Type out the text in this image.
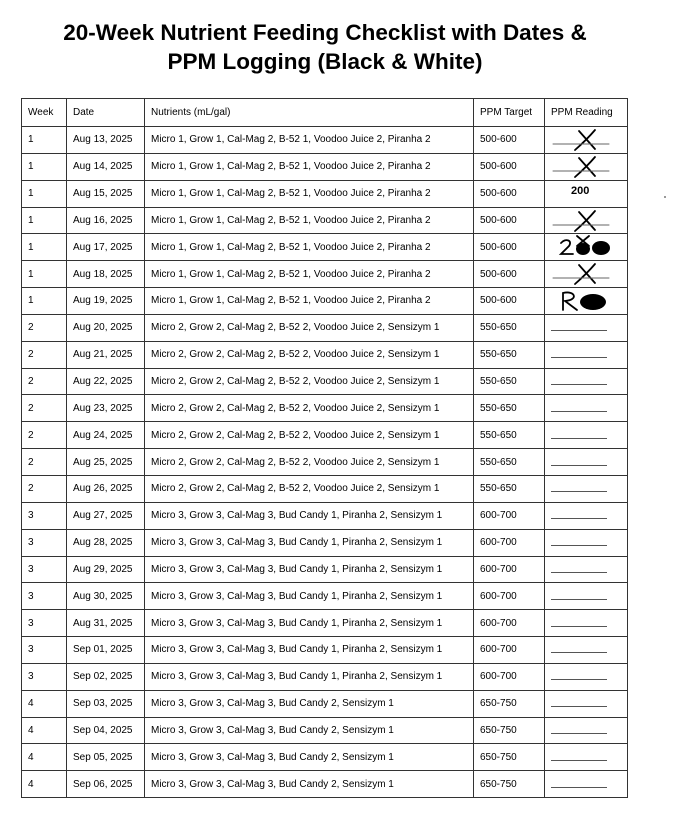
20-Week Nutrient Feeding Checklist with Dates &
PPM Logging (Black & White)
Week	Date	Nutrients (mL/gal)	PPM Target	PPM Reading
1	Aug 13, 2025	Micro 1, Grow 1, Cal-Mag 2, B-52 1, Voodoo Juice 2, Piranha 2	500-600	

1	Aug 14, 2025	Micro 1, Grow 1, Cal-Mag 2, B-52 1, Voodoo Juice 2, Piranha 2	500-600	

1	Aug 15, 2025	Micro 1, Grow 1, Cal-Mag 2, B-52 1, Voodoo Juice 2, Piranha 2	500-600	200

1	Aug 16, 2025	Micro 1, Grow 1, Cal-Mag 2, B-52 1, Voodoo Juice 2, Piranha 2	500-600	

1	Aug 17, 2025	Micro 1, Grow 1, Cal-Mag 2, B-52 1, Voodoo Juice 2, Piranha 2	500-600	

1	Aug 18, 2025	Micro 1, Grow 1, Cal-Mag 2, B-52 1, Voodoo Juice 2, Piranha 2	500-600	

1	Aug 19, 2025	Micro 1, Grow 1, Cal-Mag 2, B-52 1, Voodoo Juice 2, Piranha 2	500-600	

2	Aug 20, 2025	Micro 2, Grow 2, Cal-Mag 2, B-52 2, Voodoo Juice 2, Sensizym 1	550-650	
2	Aug 21, 2025	Micro 2, Grow 2, Cal-Mag 2, B-52 2, Voodoo Juice 2, Sensizym 1	550-650	
2	Aug 22, 2025	Micro 2, Grow 2, Cal-Mag 2, B-52 2, Voodoo Juice 2, Sensizym 1	550-650	
2	Aug 23, 2025	Micro 2, Grow 2, Cal-Mag 2, B-52 2, Voodoo Juice 2, Sensizym 1	550-650	
2	Aug 24, 2025	Micro 2, Grow 2, Cal-Mag 2, B-52 2, Voodoo Juice 2, Sensizym 1	550-650	
2	Aug 25, 2025	Micro 2, Grow 2, Cal-Mag 2, B-52 2, Voodoo Juice 2, Sensizym 1	550-650	
2	Aug 26, 2025	Micro 2, Grow 2, Cal-Mag 2, B-52 2, Voodoo Juice 2, Sensizym 1	550-650	
3	Aug 27, 2025	Micro 3, Grow 3, Cal-Mag 3, Bud Candy 1, Piranha 2, Sensizym 1	600-700	
3	Aug 28, 2025	Micro 3, Grow 3, Cal-Mag 3, Bud Candy 1, Piranha 2, Sensizym 1	600-700	
3	Aug 29, 2025	Micro 3, Grow 3, Cal-Mag 3, Bud Candy 1, Piranha 2, Sensizym 1	600-700	
3	Aug 30, 2025	Micro 3, Grow 3, Cal-Mag 3, Bud Candy 1, Piranha 2, Sensizym 1	600-700	
3	Aug 31, 2025	Micro 3, Grow 3, Cal-Mag 3, Bud Candy 1, Piranha 2, Sensizym 1	600-700	
3	Sep 01, 2025	Micro 3, Grow 3, Cal-Mag 3, Bud Candy 1, Piranha 2, Sensizym 1	600-700	
3	Sep 02, 2025	Micro 3, Grow 3, Cal-Mag 3, Bud Candy 1, Piranha 2, Sensizym 1	600-700	
4	Sep 03, 2025	Micro 3, Grow 3, Cal-Mag 3, Bud Candy 2, Sensizym 1	650-750	
4	Sep 04, 2025	Micro 3, Grow 3, Cal-Mag 3, Bud Candy 2, Sensizym 1	650-750	
4	Sep 05, 2025	Micro 3, Grow 3, Cal-Mag 3, Bud Candy 2, Sensizym 1	650-750	
4	Sep 06, 2025	Micro 3, Grow 3, Cal-Mag 3, Bud Candy 2, Sensizym 1	650-750	
